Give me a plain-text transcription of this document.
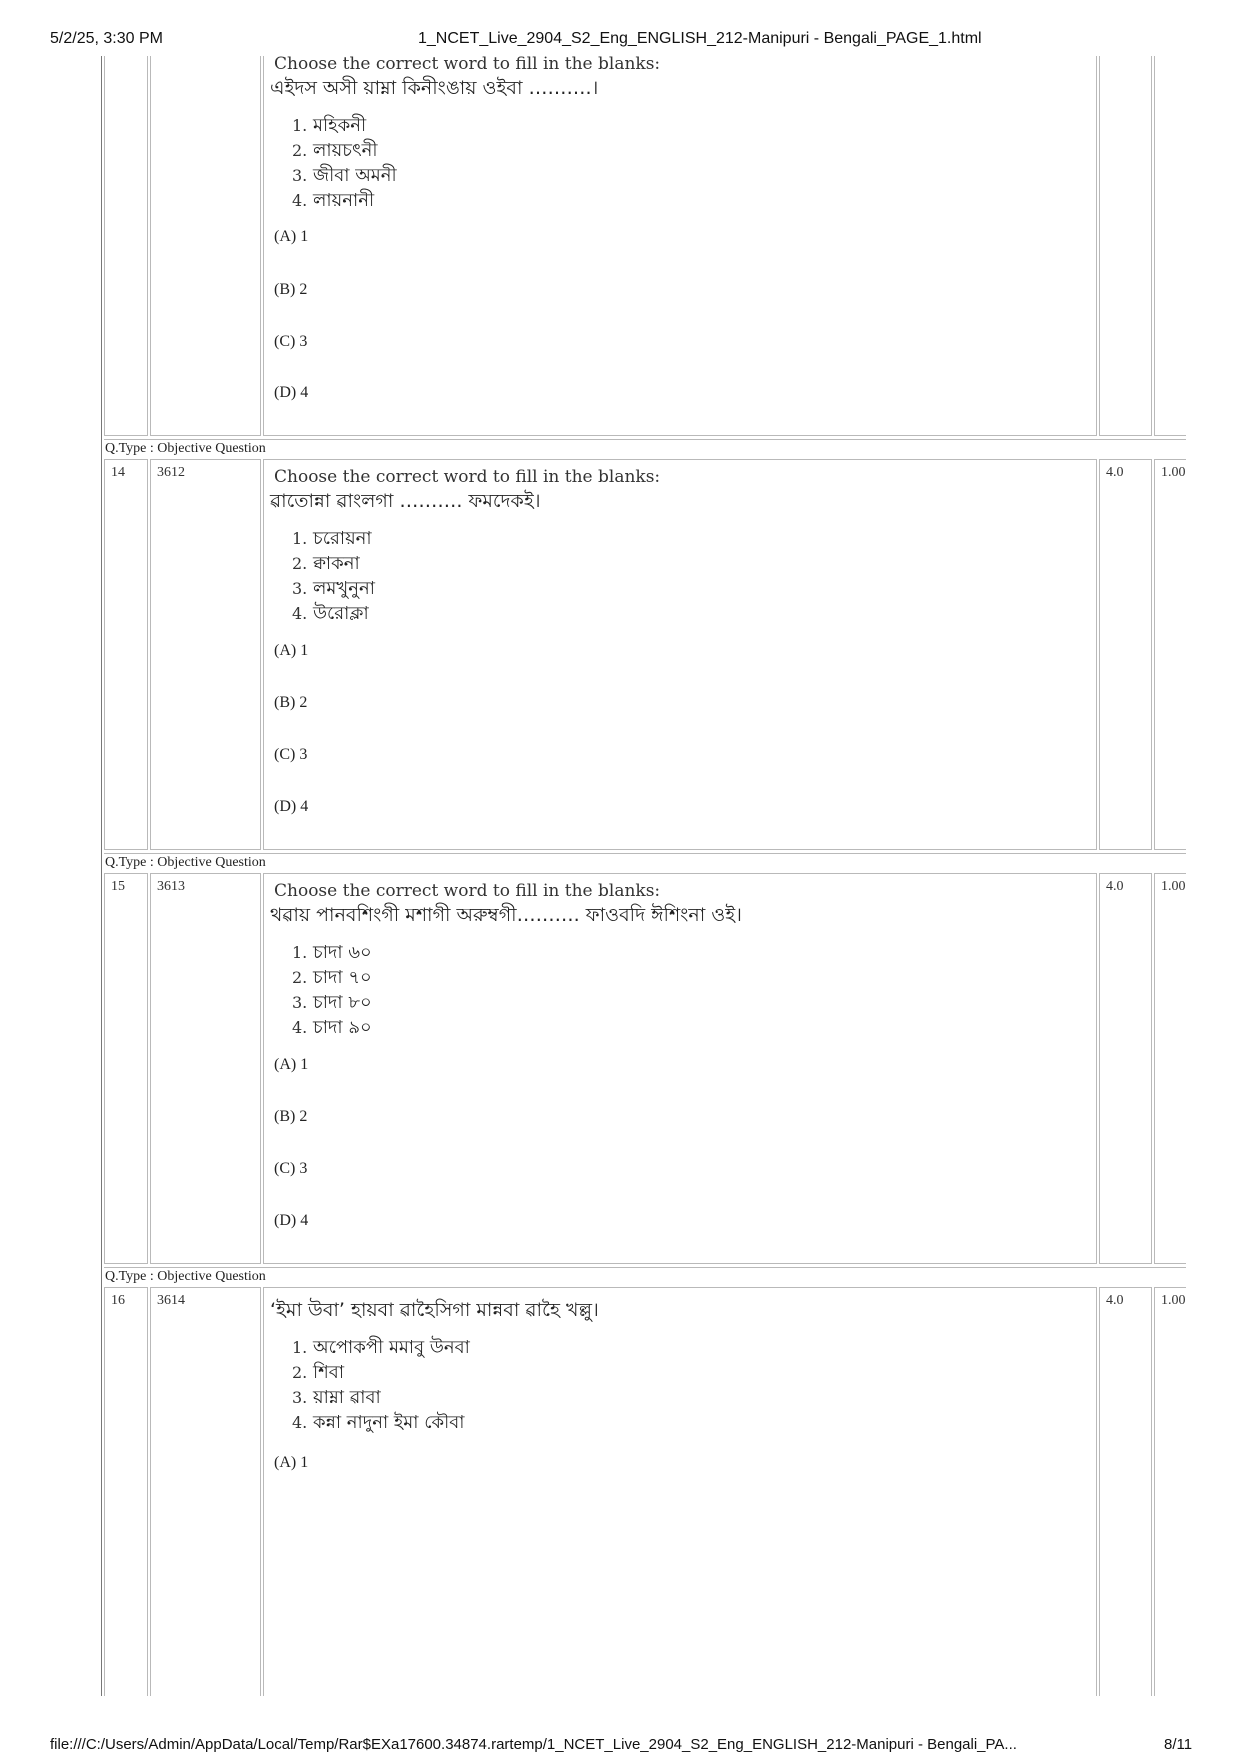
5/2/25, 3:30 PM	1_NCET_Live_2904_S2_Eng_ENGLISH_212-Manipuri - Bengali_PAGE_1.html
Choose the correct word to fill in the blanks:
এইদস অসী য়াম্না কিনীংঙায় ওইবা ……….।
1. মহিকনী
2. লায়চৎনী
3. জীবা অমনী
4. লায়নানী
(A) 1
(B) 2
(C) 3
(D) 4
Q.Type : Objective Question
14 3612	Choose the correct word to fill in the blanks:
ৱাতোন্না ৱাংলগা ………. ফমদেকই।
1. চরোয়না
2. ক্বাকনা
3. লমখুনুনা
4. উরোক্লা
(A) 1
(B) 2
(C) 3
(D) 4
4.0	1.00
Q.Type : Objective Question
15 3613	Choose the correct word to fill in the blanks:
থৱায় পানবশিংগী মশাগী অরুম্বগী………. ফাওবদি ঈশিংনা ওই।
1. চাদা ৬০
2. চাদা ৭০
3. চাদা ৮০
4. চাদা ৯০
(A) 1
(B) 2
(C) 3
(D) 4
4.0	1.00
Q.Type : Objective Question
16 3614	‘ইমা উবা’ হায়বা ৱাহৈসিগা মান্নবা ৱাহৈ খল্লু।
1. অপোকপী মমাবু উনবা
2. শিবা
3. য়াম্না ৱাবা
4. কন্না নাদুনা ইমা কৌবা
(A) 1
4.0	1.00
file:///C:/Users/Admin/AppData/Local/Temp/Rar$EXa17600.34874.rartemp/1_NCET_Live_2904_S2_Eng_ENGLISH_212-Manipuri - Bengali_PA...	8/11
